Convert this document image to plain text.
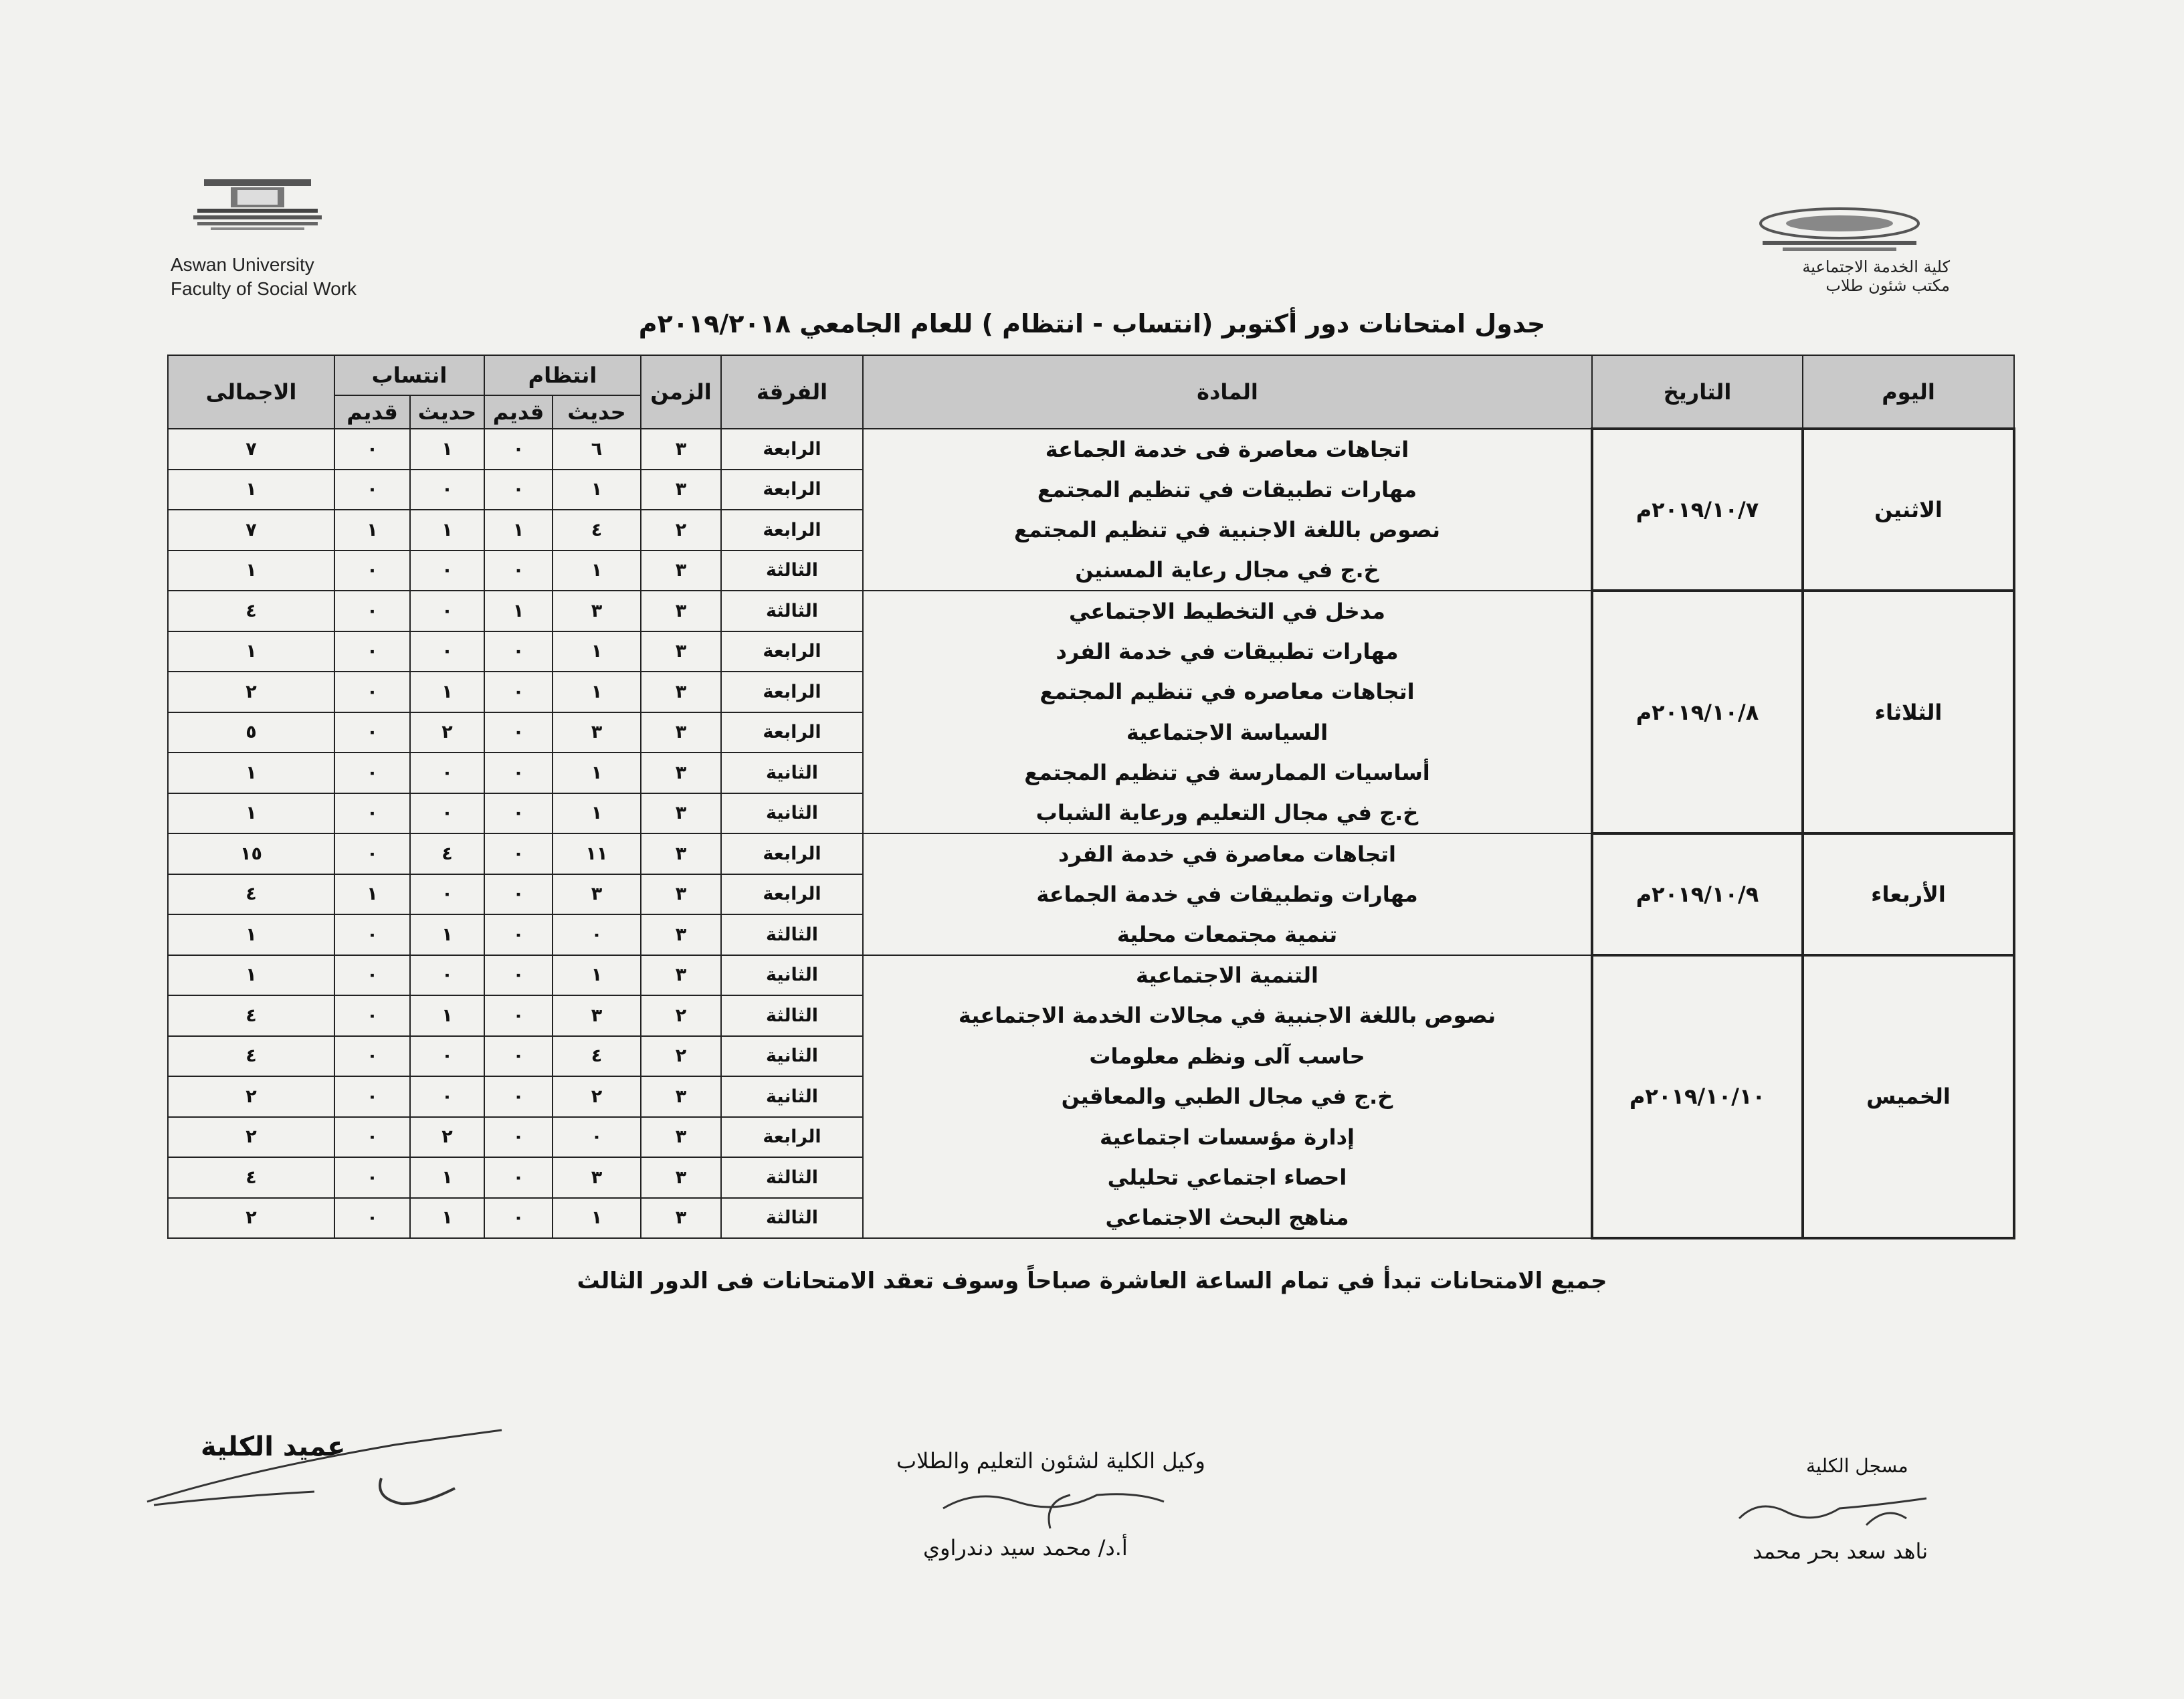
Aswan University
Faculty of Social Work
كلية الخدمة الاجتماعية
مكتب شئون طلاب
جدول امتحانات دور أكتوبر (انتساب - انتظام ) للعام الجامعي ٢٠١٩/٢٠١٨م
اليوم	التاريخ	المادة	الفرقة	الزمن	انتظام		انتساب		الاجمالى
					حديث	قديم	حديث	قديم	
الاثنين	٢٠١٩/١٠/٧م	اتجاهات معاصرة فى خدمة الجماعة	الرابعة	٣	٦	٠	١	٠	٧
		مهارات تطبيقات في تنظيم المجتمع	الرابعة	٣	١	٠	٠	٠	١
		نصوص باللغة الاجنبية في تنظيم المجتمع	الرابعة	٢	٤	١	١	١	٧
		خ.ج في مجال رعاية المسنين	الثالثة	٣	١	٠	٠	٠	١
الثلاثاء	٢٠١٩/١٠/٨م	مدخل في التخطيط الاجتماعي	الثالثة	٣	٣	١	٠	٠	٤
		مهارات تطبيقات في خدمة الفرد	الرابعة	٣	١	٠	٠	٠	١
		اتجاهات معاصره في تنظيم المجتمع	الرابعة	٣	١	٠	١	٠	٢
		السياسة الاجتماعية	الرابعة	٣	٣	٠	٢	٠	٥
		أساسيات الممارسة في تنظيم المجتمع	الثانية	٣	١	٠	٠	٠	١
		خ.ج في مجال التعليم ورعاية الشباب	الثانية	٣	١	٠	٠	٠	١
الأربعاء	٢٠١٩/١٠/٩م	اتجاهات معاصرة في خدمة الفرد	الرابعة	٣	١١	٠	٤	٠	١٥
		مهارات وتطبيقات في خدمة الجماعة	الرابعة	٣	٣	٠	٠	١	٤
		تنمية مجتمعات محلية	الثالثة	٣	٠	٠	١	٠	١
الخميس	٢٠١٩/١٠/١٠م	التنمية الاجتماعية	الثانية	٣	١	٠	٠	٠	١
		نصوص باللغة الاجنبية في مجالات الخدمة الاجتماعية	الثالثة	٢	٣	٠	١	٠	٤
		حاسب آلى ونظم معلومات	الثانية	٢	٤	٠	٠	٠	٤
		خ.ج في مجال الطبي والمعاقين	الثانية	٣	٢	٠	٠	٠	٢
		إدارة مؤسسات اجتماعية	الرابعة	٣	٠	٠	٢	٠	٢
		احصاء اجتماعي تحليلي	الثالثة	٣	٣	٠	١	٠	٤
		مناهج البحث الاجتماعي	الثالثة	٣	١	٠	١	٠	٢
جميع الامتحانات تبدأ في تمام الساعة العاشرة صباحاً وسوف تعقد الامتحانات فى الدور الثالث
عميد الكلية	وكيل الكلية لشئون التعليم والطلاب
أ.د/ محمد سيد دندراوي
مسجل الكلية
ناهد سعد بحر محمد
